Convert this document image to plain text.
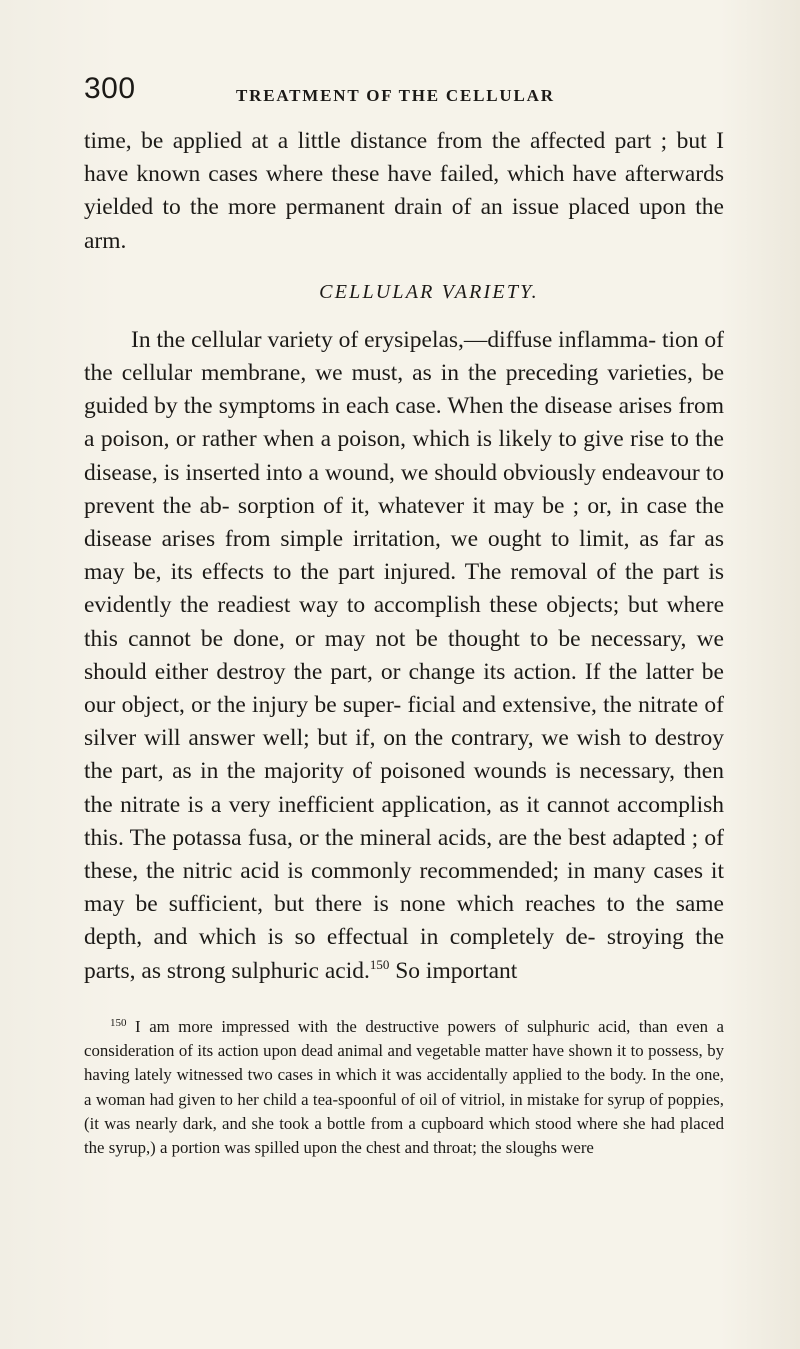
300	TREATMENT OF THE CELLULAR

time, be applied at a little distance from the affected part ; but I have known cases where these have failed, which have afterwards yielded to the more permanent drain of an issue placed upon the arm.

CELLULAR VARIETY.

In the cellular variety of erysipelas,—diffuse inflamma- tion of the cellular membrane, we must, as in the preceding varieties, be guided by the symptoms in each case. When the disease arises from a poison, or rather when a poison, which is likely to give rise to the disease, is inserted into a wound, we should obviously endeavour to prevent the ab- sorption of it, whatever it may be ; or, in case the disease arises from simple irritation, we ought to limit, as far as may be, its effects to the part injured. The removal of the part is evidently the readiest way to accomplish these objects; but where this cannot be done, or may not be thought to be necessary, we should either destroy the part, or change its action. If the latter be our object, or the injury be super- ficial and extensive, the nitrate of silver will answer well; but if, on the contrary, we wish to destroy the part, as in the majority of poisoned wounds is necessary, then the nitrate is a very inefficient application, as it cannot accomplish this. The potassa fusa, or the mineral acids, are the best adapted ; of these, the nitric acid is commonly recommended; in many cases it may be sufficient, but there is none which reaches to the same depth, and which is so effectual in completely de- stroying the parts, as strong sulphuric acid.$^{150}$ So important

$^{150}$ I am more impressed with the destructive powers of sulphuric acid, than even a consideration of its action upon dead animal and vegetable matter have shown it to possess, by having lately witnessed two cases in which it was accidentally applied to the body. In the one, a woman had given to her child a tea-spoonful of oil of vitriol, in mistake for syrup of poppies, (it was nearly dark, and she took a bottle from a cupboard which stood where she had placed the syrup,) a portion was spilled upon the chest and throat; the sloughs were
